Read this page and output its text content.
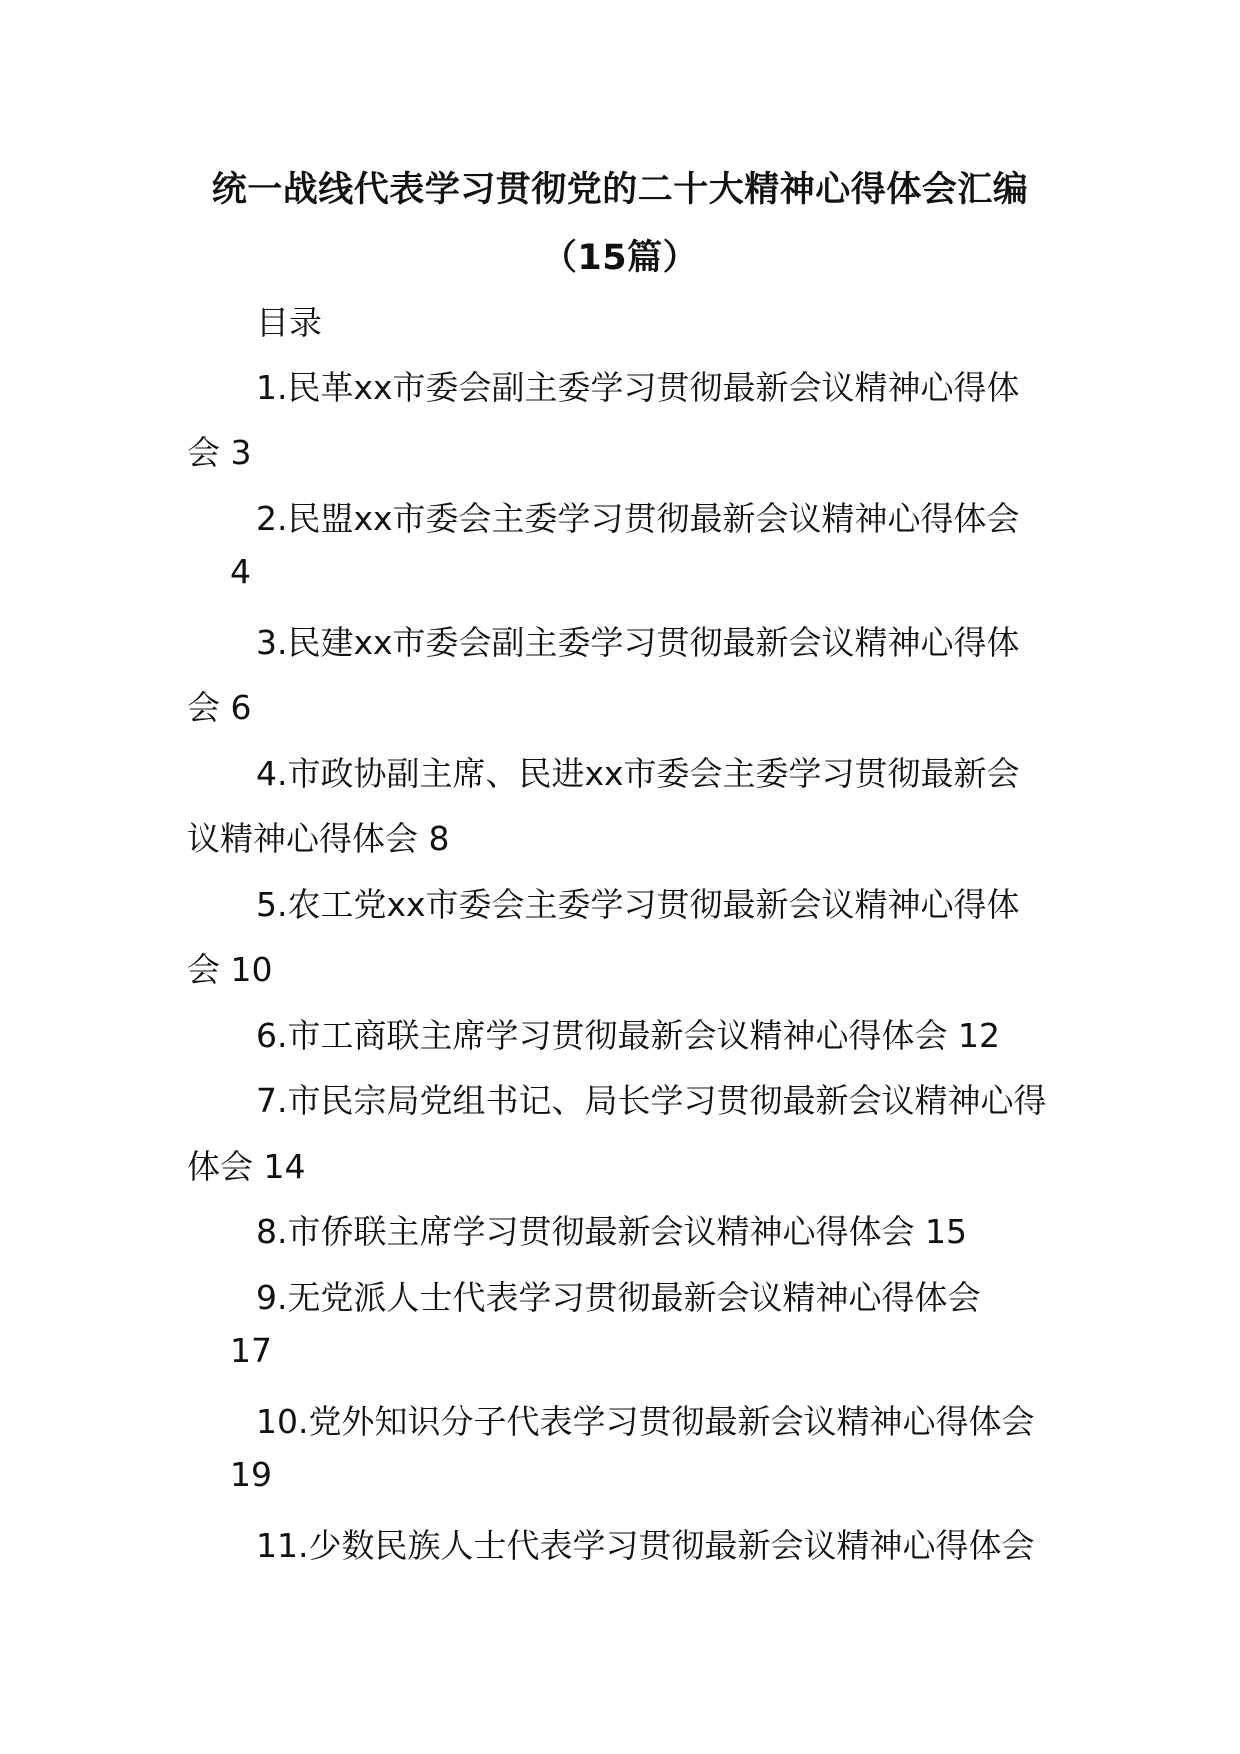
统一战线代表学习贯彻党的二十大精神心得体会汇编
（15篇）
目录
1.民革xx市委会副主委学习贯彻最新会议精神心得体
会 3
2.民盟xx市委会主委学习贯彻最新会议精神心得体会
4
3.民建xx市委会副主委学习贯彻最新会议精神心得体
会 6
4.市政协副主席、民进xx市委会主委学习贯彻最新会
议精神心得体会 8
5.农工党xx市委会主委学习贯彻最新会议精神心得体
会 10
6.市工商联主席学习贯彻最新会议精神心得体会 12
7.市民宗局党组书记、局长学习贯彻最新会议精神心得
体会 14
8.市侨联主席学习贯彻最新会议精神心得体会 15
9.无党派人士代表学习贯彻最新会议精神心得体会
17
10.党外知识分子代表学习贯彻最新会议精神心得体会
19
11.少数民族人士代表学习贯彻最新会议精神心得体会
